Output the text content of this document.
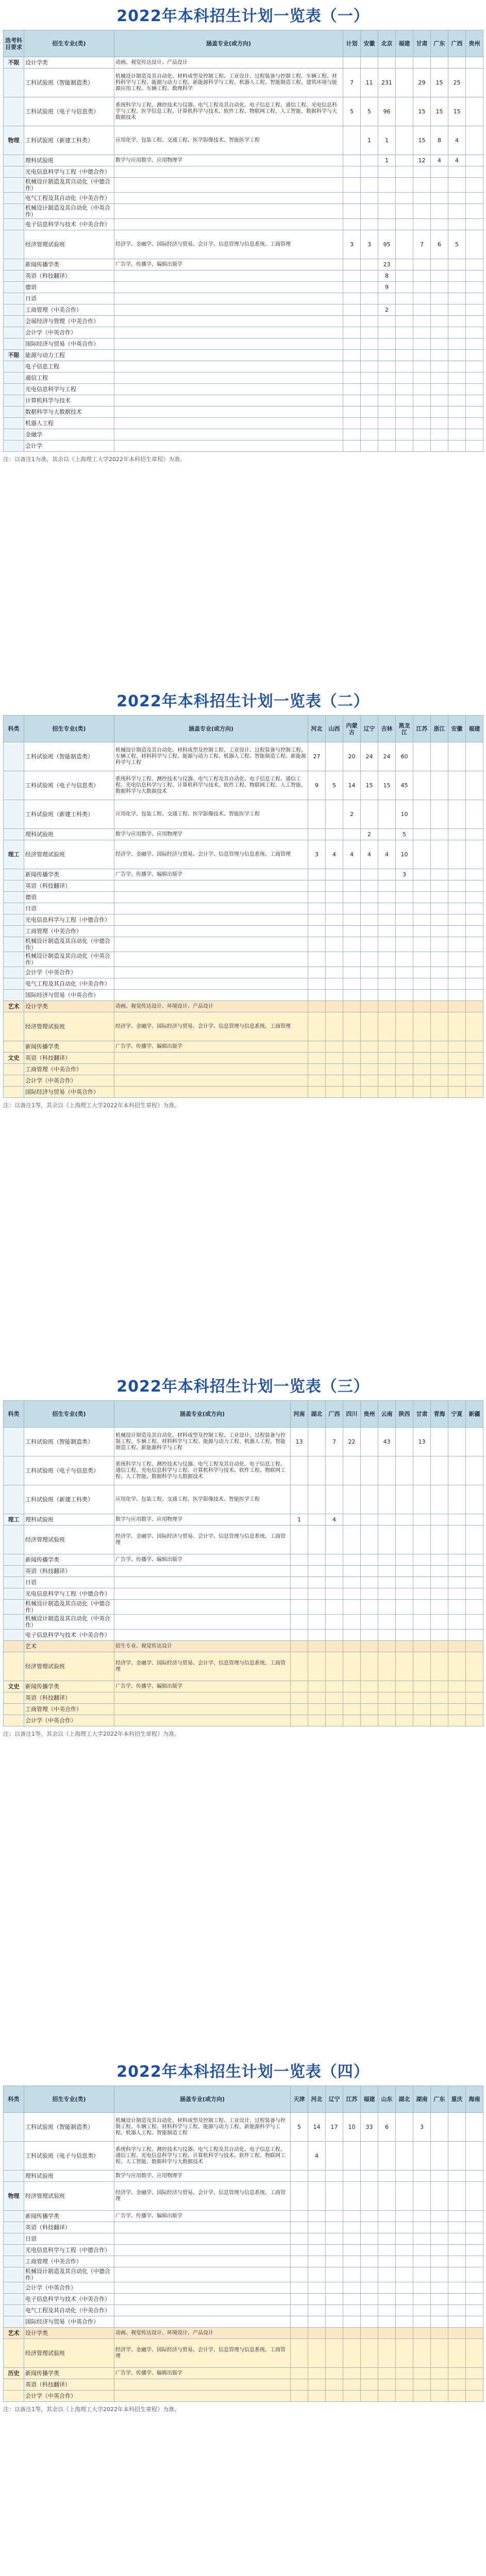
2022年本科招生计划一览表（一）
选考科目要求	招生专业(类)	涵盖专业(或方向)	计划	安徽	北京	福建	甘肃	广东	广西	贵州
不限	设计学类	动画、视觉传达设计、产品设计								
	工科试验班（智能制造类）	机械设计制造及其自动化、材料成型及控制工程、工业设计、过程装备与控制工程、车辆工程、材料科学与工程、能源与动力工程、新能源科学与工程、机器人工程、智能制造工程、建筑环境与能源应用工程、车辆工程、数理科学	7	11	231		29	15	25	
	工科试验班（电子与信息类）	系统科学与工程、测控技术与仪器、电气工程及其自动化、电子信息工程、通信工程、光电信息科学与工程、医学信息工程、计算机科学与技术、软件工程、物联网工程、人工智能、数据科学与大数据技术	5	5	96		15	15	15	
物理	工科试验班（新建工科类）	应用化学、包装工程、交通工程、医学影像技术、智能医学工程		1	1		15	8	4	
	理科试验班	数学与应用数学、应用物理学			1		12	4	4	
	光电信息科学与工程（中德合作）									
	机械设计制造及其自动化（中德合作）									
	电气工程及其自动化（中美合作）									
	机械设计制造及其自动化（中英合作）									
	电子信息科学与技术（中美合作）									
	经济管理试验班	经济学、金融学、国际经济与贸易、会计学、信息管理与信息系统、工商管理	3	3	95		7	6	5	
	新闻传播学类	广告学、传播学、编辑出版学			23					
	英语（科技翻译）				8					
	德语				9					
	日语									
	工商管理（中美合作）				2					
	会展经济与管理（中美合作）									
	会计学（中英合作）									
	国际经济与贸易（中英合作）									
不限	能源与动力工程									
	电子信息工程									
	通信工程									
	光电信息科学与工程									
	计算机科学与技术									
	数据科学与大数据技术									
	机器人工程									
	金融学									
	会计学									
注：以备注1为准，其余以《上海理工大学2022年本科招生章程》为准。
2022年本科招生计划一览表（二）
科类	招生专业(类)	涵盖专业(或方向)	河北	山西	内蒙古	辽宁	吉林	黑龙江	江苏	浙江	安徽	福建
	工科试验班（智能制造类）	机械设计制造及其自动化、材料成型及控制工程、工业设计、过程装备与控制工程、车辆工程、材料科学与工程、能源与动力工程、机器人工程、智能制造工程、新能源科学与工程	27		20	24	24	60				
	工科试验班（电子与信息类）	系统科学与工程、测控技术与仪器、电气工程及其自动化、电子信息工程、通信工程、光电信息科学与工程、计算机科学与技术、软件工程、物联网工程、人工智能、数据科学与大数据技术	9	5	14	15	15	45				
	工科试验班（新建工科类）	应用化学、包装工程、交通工程、医学影像技术、智能医学工程			2			10				
	理科试验班	数学与应用数学、应用物理学				2		5				
理工	经济管理试验班	经济学、金融学、国际经济与贸易、会计学、信息管理与信息系统、工商管理	3	4	4	4	4	10				
	新闻传播学类	广告学、传播学、编辑出版学						3				
	英语（科技翻译）											
	德语											
	日语											
	光电信息科学与工程（中德合作）											
	工商管理（中美合作）											
	机械设计制造及其自动化（中德合作）											
	机械设计制造及其自动化（中英合作）											
	会计学（中英合作）											
	电气工程及其自动化（中美合作）											
	国际经济与贸易（中英合作）											
艺术	设计学类	动画、视觉传达设计、环境设计、产品设计										
	经济管理试验班	经济学、金融学、国际经济与贸易、会计学、信息管理与信息系统、工商管理										
	新闻传播学类	广告学、传播学、编辑出版学										
文史	英语（科技翻译）											
	工商管理（中美合作）											
	会计学（中英合作）											
	国际经济与贸易（中英合作）											
注：以备注1等，其余以《上海理工大学2022年本科招生章程》为准。
2022年本科招生计划一览表（三）
科类	招生专业(类)	涵盖专业(或方向)	河南	湖北	广西	四川	贵州	云南	陕西	甘肃	青海	宁夏	新疆
	工科试验班（智能制造类）	机械设计制造及其自动化、材料成型及控制工程、工业设计、过程装备与控制工程、车辆工程、材料科学与工程、能源与动力工程、机器人工程、智能制造工程、新能源科学与工程	13		7	22		43		13			
	工科试验班（电子与信息类）	系统科学与工程、测控技术与仪器、电气工程及其自动化、电子信息工程、通信工程、光电信息科学与工程、计算机科学与技术、软件工程、物联网工程、人工智能、数据科学与大数据技术											
	工科试验班（新建工科类）	应用化学、包装工程、交通工程、医学影像技术、智能医学工程											
理工	理科试验班	数学与应用数学、应用物理学	1		4								
	经济管理试验班	经济学、金融学、国际经济与贸易、会计学、信息管理与信息系统、工商管理											
	新闻传播学类	广告学、传播学、编辑出版学											
	英语（科技翻译）												
	日语												
	光电信息科学与工程（中德合作）												
	机械设计制造及其自动化（中德合作）												
	机械设计制造及其自动化（中英合作）												
	电子信息科学与技术（中美合作）												
	艺术	招生专业、视觉传达设计											
	经济管理试验班	经济学、金融学、国际经济与贸易、会计学、信息管理与信息系统、工商管理											
文史	新闻传播学类	广告学、传播学、编辑出版学											
	英语（科技翻译）												
	工商管理（中美合作）												
	会计学（中英合作）												
注：以备注1等，其余以《上海理工大学2022年本科招生章程》为准。
2022年本科招生计划一览表（四）
科类	招生专业(类)	涵盖专业(或方向)	天津	河北	辽宁	江苏	福建	山东	湖北	湖南	广东	重庆	海南
	工科试验班（智能制造类）	机械设计制造及其自动化、材料成型及控制工程、工业设计、过程装备与控制工程、车辆工程、材料科学与工程、能源与动力工程、新能源科学与工程、机器人工程、智能制造工程	5	14	17	10	33	6		3			
	工科试验班（电子与信息类）	系统科学与工程、测控技术与仪器、电气工程及其自动化、电子信息工程、通信工程、光电信息科学与工程、计算机科学与技术、软件工程、物联网工程、人工智能、数据科学与大数据技术		4									
	理科试验班	数学与应用数学、应用物理学											
物理	经济管理试验班	经济学、金融学、国际经济与贸易、会计学、信息管理与信息系统、工商管理											
	新闻传播学类	广告学、传播学、编辑出版学											
	英语（科技翻译）												
	日语												
	光电信息科学与工程（中德合作）												
	工商管理（中美合作）												
	机械设计制造及其自动化（中德合作）												
	会计学（中英合作）												
	电子信息科学与技术（中美合作）												
	电气工程及其自动化（中美合作）												
	国际经济与贸易（中英合作）												
艺术	设计学类	动画、视觉传达设计、环境设计、产品设计											
	经济管理试验班	经济学、金融学、国际经济与贸易、会计学、信息管理与信息系统、工商管理											
历史	新闻传播学类	广告学、传播学、编辑出版学											
	英语（科技翻译）												
	会计学（中英合作）												
注：以备注1等，其余以《上海理工大学2022年本科招生章程》为准。
